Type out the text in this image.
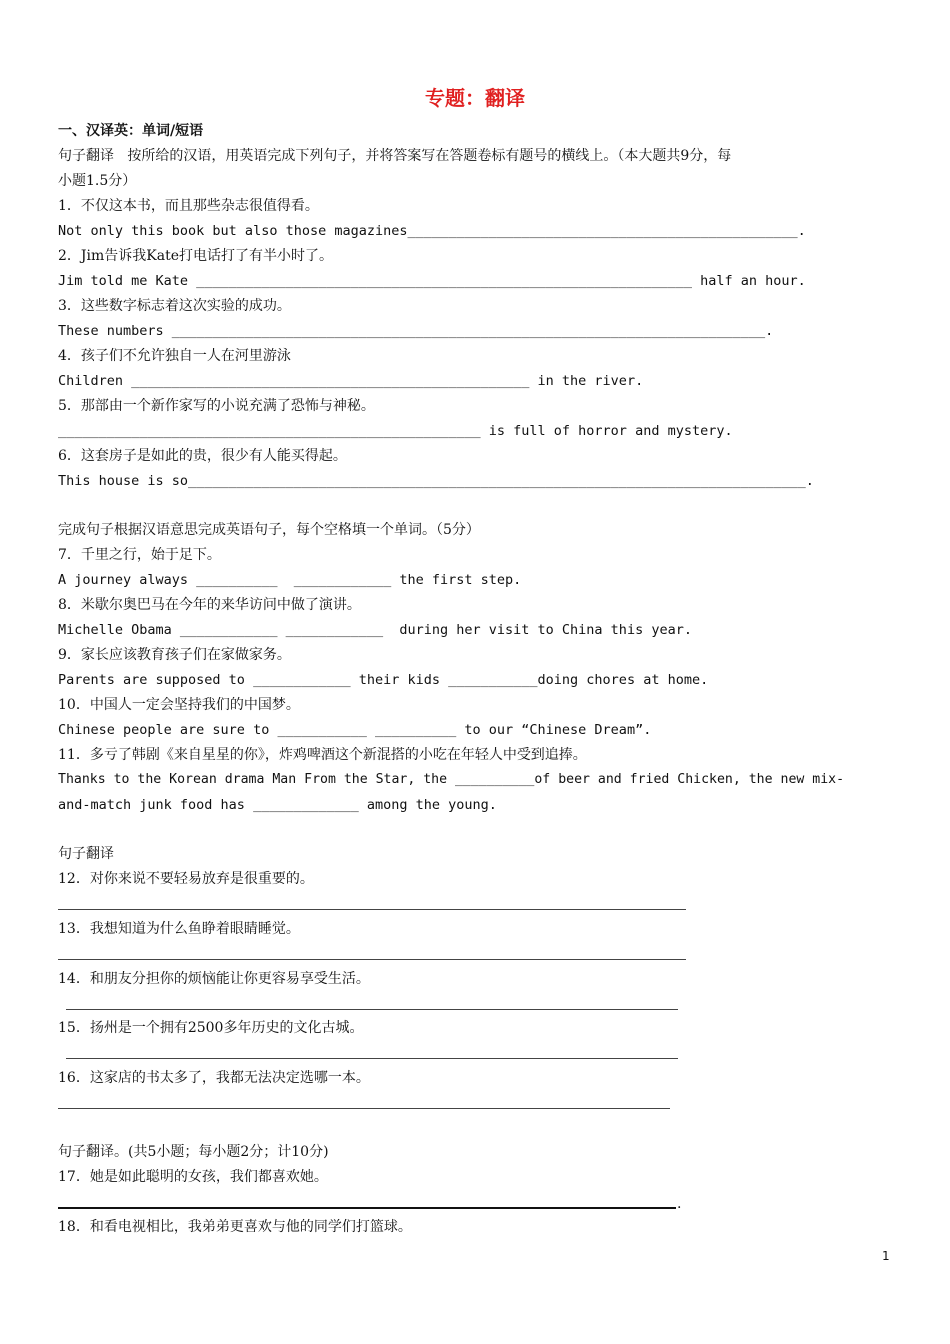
专题：翻译
一、汉译英：单词/短语
句子翻译   按所给的汉语，用英语完成下列句子，并将答案写在答题卷标有题号的横线上。（本大题共9分，每
小题1.5分）
1．不仅这本书，而且那些杂志很值得看。
Not only this book but also those magazines________________________________________________.
2．Jim告诉我Kate打电话打了有半小时了。
Jim told me Kate _____________________________________________________________ half an hour.
3．这些数字标志着这次实验的成功。
These numbers _________________________________________________________________________.
4．孩子们不允许独自一人在河里游泳
Children _________________________________________________ in the river.
5．那部由一个新作家写的小说充满了恐怖与神秘。
____________________________________________________ is full of horror and mystery.
6．这套房子是如此的贵，很少有人能买得起。
This house is so____________________________________________________________________________.
完成句子根据汉语意思完成英语句子，每个空格填一个单词。（5分）
7．千里之行，始于足下。
A journey always __________  ____________ the first step.
8．米歇尔奥巴马在今年的来华访问中做了演讲。
Michelle Obama ____________ ____________  during her visit to China this year.
9．家长应该教育孩子们在家做家务。
Parents are supposed to ____________ their kids ___________doing chores at home.
10．中国人一定会坚持我们的中国梦。
Chinese people are sure to ___________ __________ to our “Chinese Dream”.
11．多亏了韩剧《来自星星的你》，炸鸡啤酒这个新混搭的小吃在年轻人中受到追捧。
Thanks to the Korean drama Man From the Star, the __________of beer and fried Chicken, the new mix-
and-match junk food has _____________ among the young.
句子翻译
12．对你来说不要轻易放弃是很重要的。
13．我想知道为什么鱼睁着眼睛睡觉。
14．和朋友分担你的烦恼能让你更容易享受生活。
15．扬州是一个拥有2500多年历史的文化古城。
16．这家店的书太多了，我都无法决定选哪一本。
句子翻译。(共5小题；每小题2分；计10分)
17．她是如此聪明的女孩，我们都喜欢她。
.
18．和看电视相比，我弟弟更喜欢与他的同学们打篮球。
1
